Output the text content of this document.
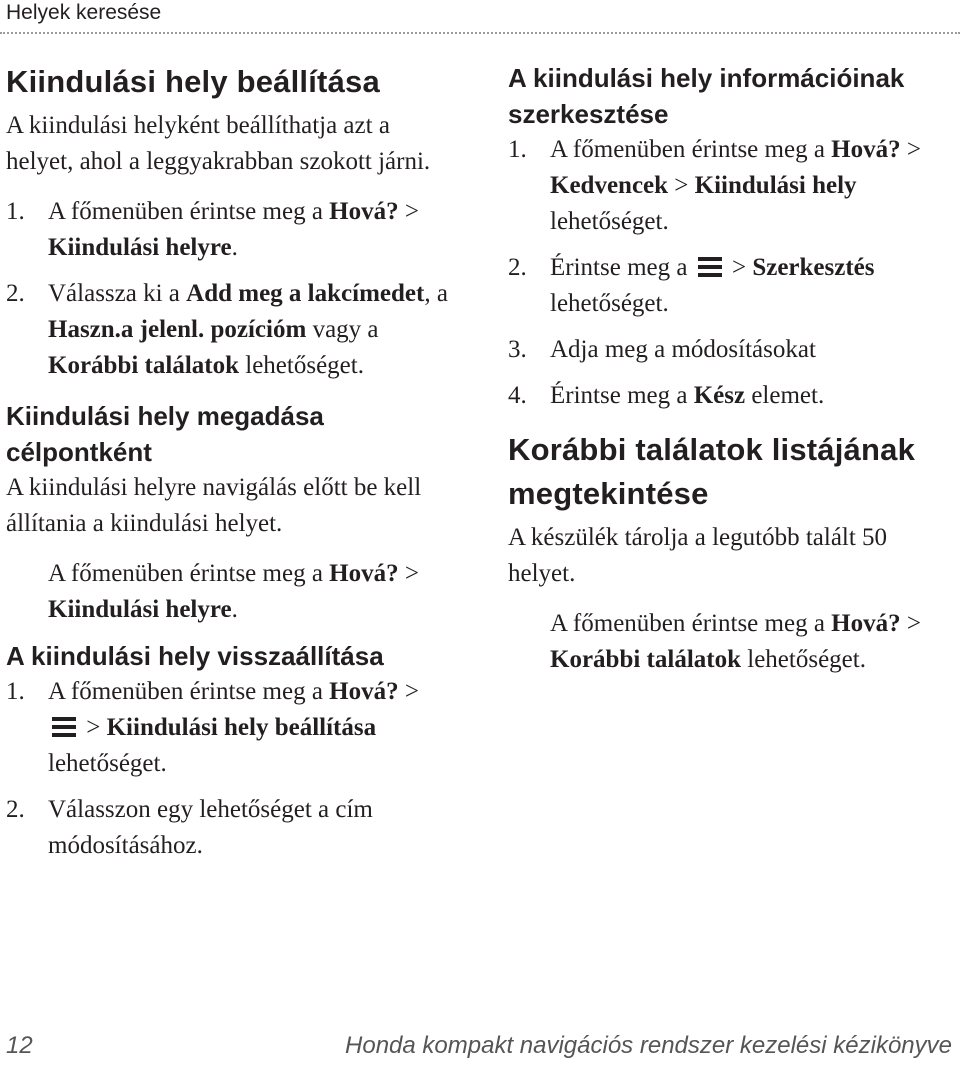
Helyek keresése
Kiindulási hely beállítása

A kiindulási helyként beállíthatja azt a helyet, ahol a leggyakrabban szokott járni.

1. A főmenüben érintse meg a Hová? > Kiindulási helyre.
2. Válassza ki a Add meg a lakcímedet, a Haszn.a jelenl. pozícióm vagy a Korábbi találatok lehetőséget.
Kiindulási hely megadása célpontként

A kiindulási helyre navigálás előtt be kell állítania a kiindulási helyet.

A főmenüben érintse meg a Hová? > Kiindulási helyre.

A kiindulási hely visszaállítása
1. A főmenüben érintse meg a Hová? >
> Kiindulási hely beállítása lehetőséget.
2. Válasszon egy lehetőséget a cím módosításához.
A kiindulási hely információinak szerkesztése
1. A főmenüben érintse meg a Hová? > Kedvencek > Kiindulási hely lehetőséget.
2. Érintse meg a
> Szerkesztés lehetőséget.
3. Adja meg a módosításokat
4. Érintse meg a Kész elemet.
Korábbi találatok listájának megtekintése

A készülék tárolja a legutóbb talált 50 helyet.

A főmenüben érintse meg a Hová? > Korábbi találatok lehetőséget.

12	Honda kompakt navigációs rendszer kezelési kézikönyve
